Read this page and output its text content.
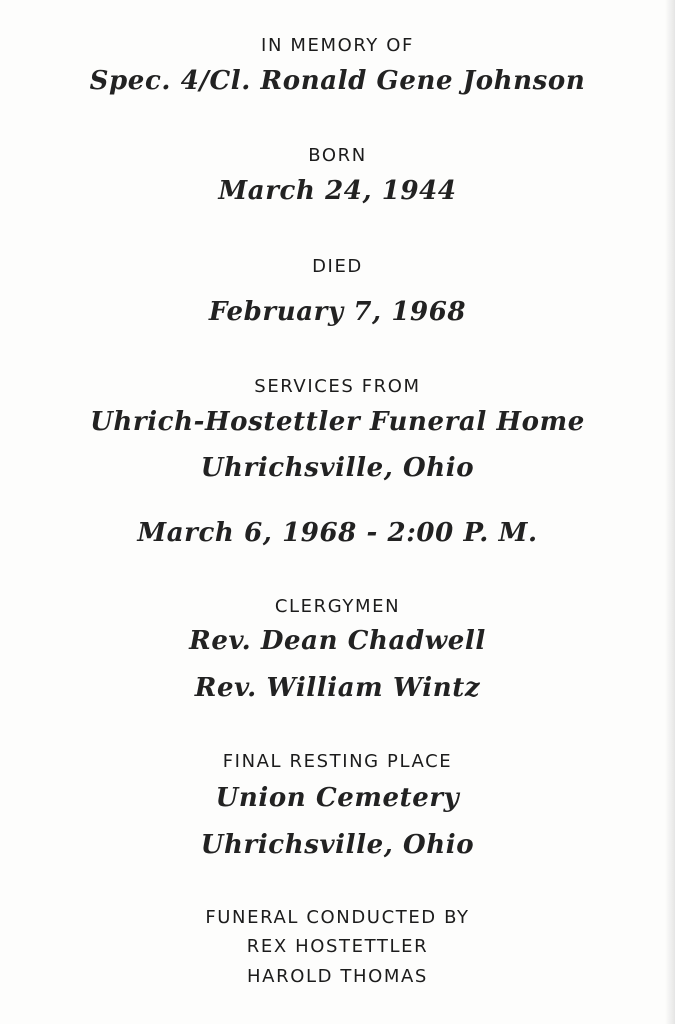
IN MEMORY OF
Spec. 4/Cl. Ronald Gene Johnson
BORN
March 24, 1944
DIED
February 7, 1968
SERVICES FROM
Uhrich-Hostettler Funeral Home
Uhrichsville, Ohio
March 6, 1968 - 2:00 P. M.
CLERGYMEN
Rev. Dean Chadwell
Rev. William Wintz
FINAL RESTING PLACE
Union Cemetery
Uhrichsville, Ohio
FUNERAL CONDUCTED BY
REX HOSTETTLER
HAROLD THOMAS
